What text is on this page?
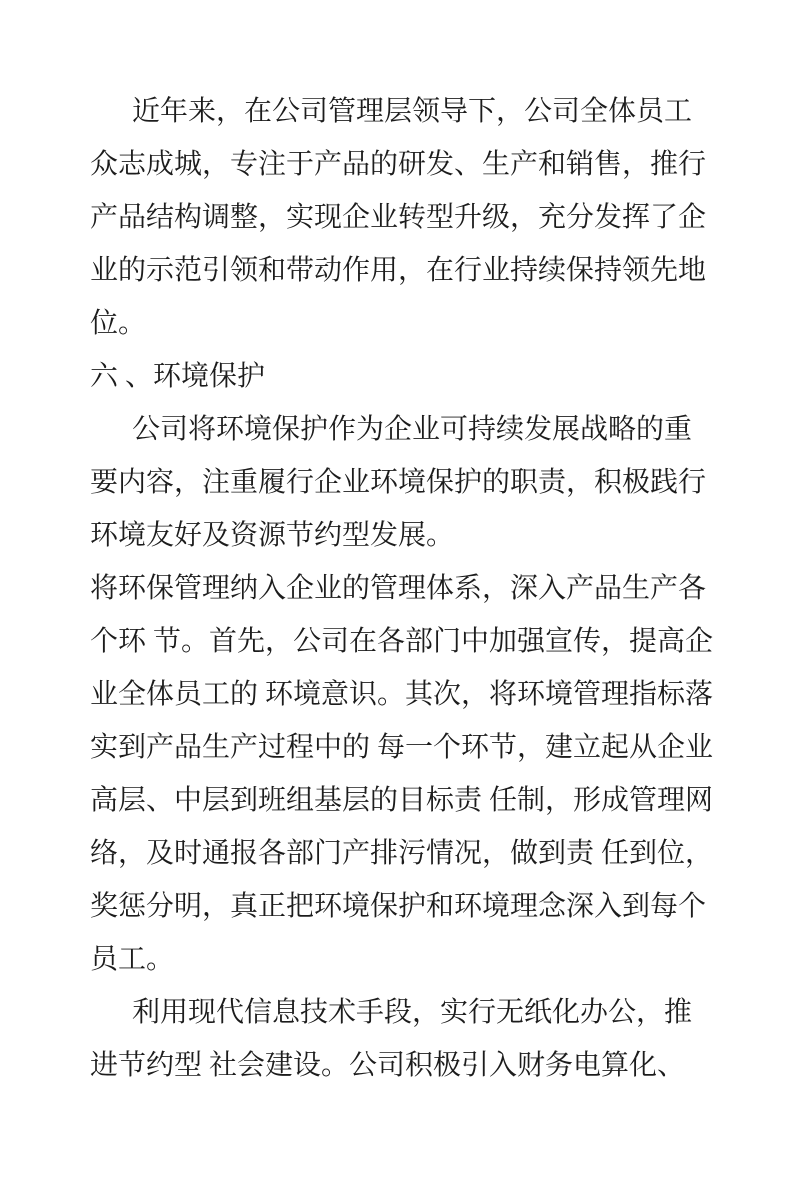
近年来，在公司管理层领导下，公司全体员工
众志成城，专注于产品的研发、生产和销售，推行
产品结构调整，实现企业转型升级，充分发挥了企
业的示范引领和带动作用，在行业持续保持领先地
位。
六 、环境保护
公司将环境保护作为企业可持续发展战略的重
要内容，注重履行企业环境保护的职责，积极践行
环境友好及资源节约型发展。
将环保管理纳入企业的管理体系，深入产品生产各
个环 节。首先，公司在各部门中加强宣传，提高企
业全体员工的 环境意识。其次，将环境管理指标落
实到产品生产过程中的 每一个环节，建立起从企业
高层、中层到班组基层的目标责 任制，形成管理网
络，及时通报各部门产排污情况，做到责 任到位，
奖惩分明，真正把环境保护和环境理念深入到每个
员工。
利用现代信息技术手段，实行无纸化办公，推
进节约型 社会建设。公司积极引入财务电算化、
